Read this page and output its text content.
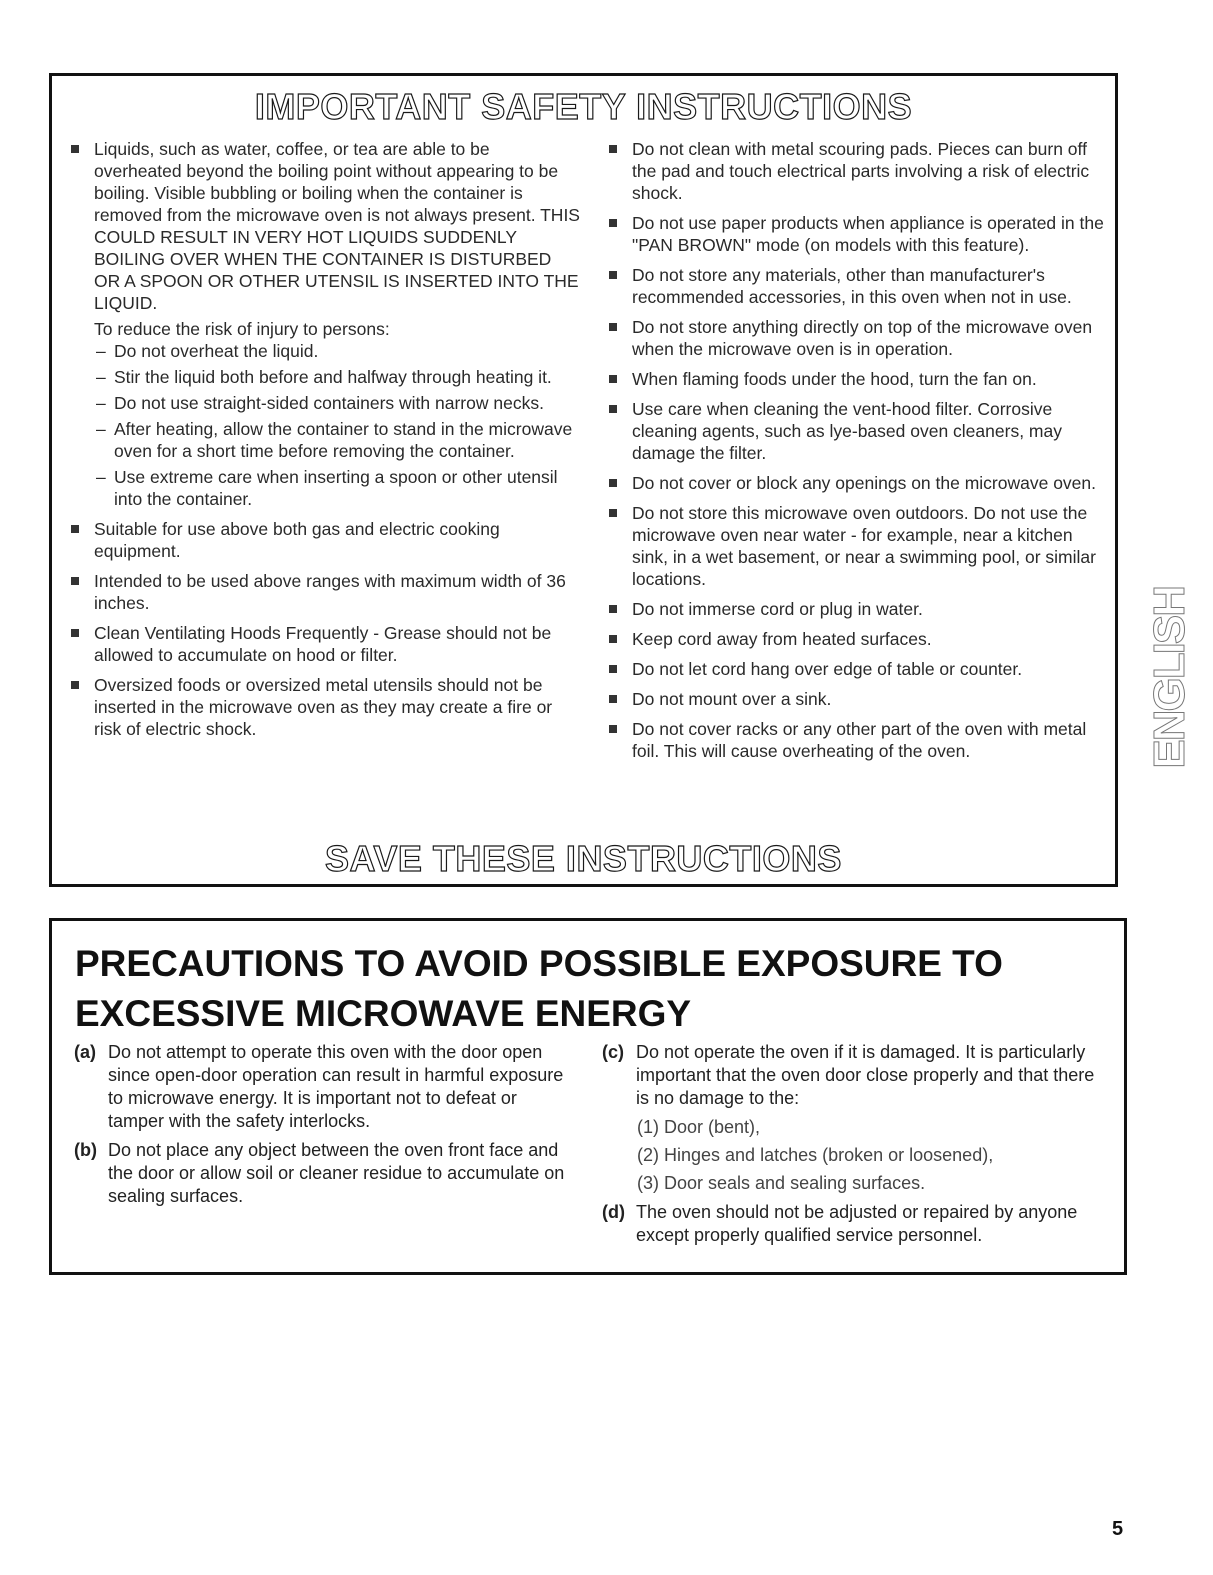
IMPORTANT SAFETY INSTRUCTIONS
Liquids, such as water, coffee, or tea are able to be overheated beyond the boiling point without appearing to be boiling. Visible bubbling or boiling when the container is removed from the microwave oven is not always present. THIS COULD RESULT IN VERY HOT LIQUIDS SUDDENLY BOILING OVER WHEN THE CONTAINER IS DISTURBED OR A SPOON OR OTHER UTENSIL IS INSERTED INTO THE LIQUID.
To reduce the risk of injury to persons:
– Do not overheat the liquid.
– Stir the liquid both before and halfway through heating it.
– Do not use straight-sided containers with narrow necks.
– After heating, allow the container to stand in the microwave oven for a short time before removing the container.
– Use extreme care when inserting a spoon or other utensil into the container.
Suitable for use above both gas and electric cooking equipment.
Intended to be used above ranges with maximum width of 36 inches.
Clean Ventilating Hoods Frequently - Grease should not be allowed to accumulate on hood or filter.
Oversized foods or oversized metal utensils should not be inserted in the microwave oven as they may create a fire or risk of electric shock.
Do not clean with metal scouring pads. Pieces can burn off the pad and touch electrical parts involving a risk of electric shock.
Do not use paper products when appliance is operated in the "PAN BROWN" mode (on models with this feature).
Do not store any materials, other than manufacturer's recommended accessories, in this oven when not in use.
Do not store anything directly on top of the microwave oven when the microwave oven is in operation.
When flaming foods under the hood, turn the fan on.
Use care when cleaning the vent-hood filter. Corrosive cleaning agents, such as lye-based oven cleaners, may damage the filter.
Do not cover or block any openings on the microwave oven.
Do not store this microwave oven outdoors. Do not use the microwave oven near water - for example, near a kitchen sink, in a wet basement, or near a swimming pool, or similar locations.
Do not immerse cord or plug in water.
Keep cord away from heated surfaces.
Do not let cord hang over edge of table or counter.
Do not mount over a sink.
Do not cover racks or any other part of the oven with metal foil. This will cause overheating of the oven.
SAVE THESE INSTRUCTIONS
PRECAUTIONS TO AVOID POSSIBLE EXPOSURE TO EXCESSIVE MICROWAVE ENERGY
(a) Do not attempt to operate this oven with the door open since open-door operation can result in harmful exposure to microwave energy. It is important not to defeat or tamper with the safety interlocks.
(b) Do not place any object between the oven front face and the door or allow soil or cleaner residue to accumulate on sealing surfaces.
(c) Do not operate the oven if it is damaged. It is particularly important that the oven door close properly and that there is no damage to the:
(1) Door (bent),
(2) Hinges and latches (broken or loosened),
(3) Door seals and sealing surfaces.
(d) The oven should not be adjusted or repaired by anyone except properly qualified service personnel.
ENGLISH
5
